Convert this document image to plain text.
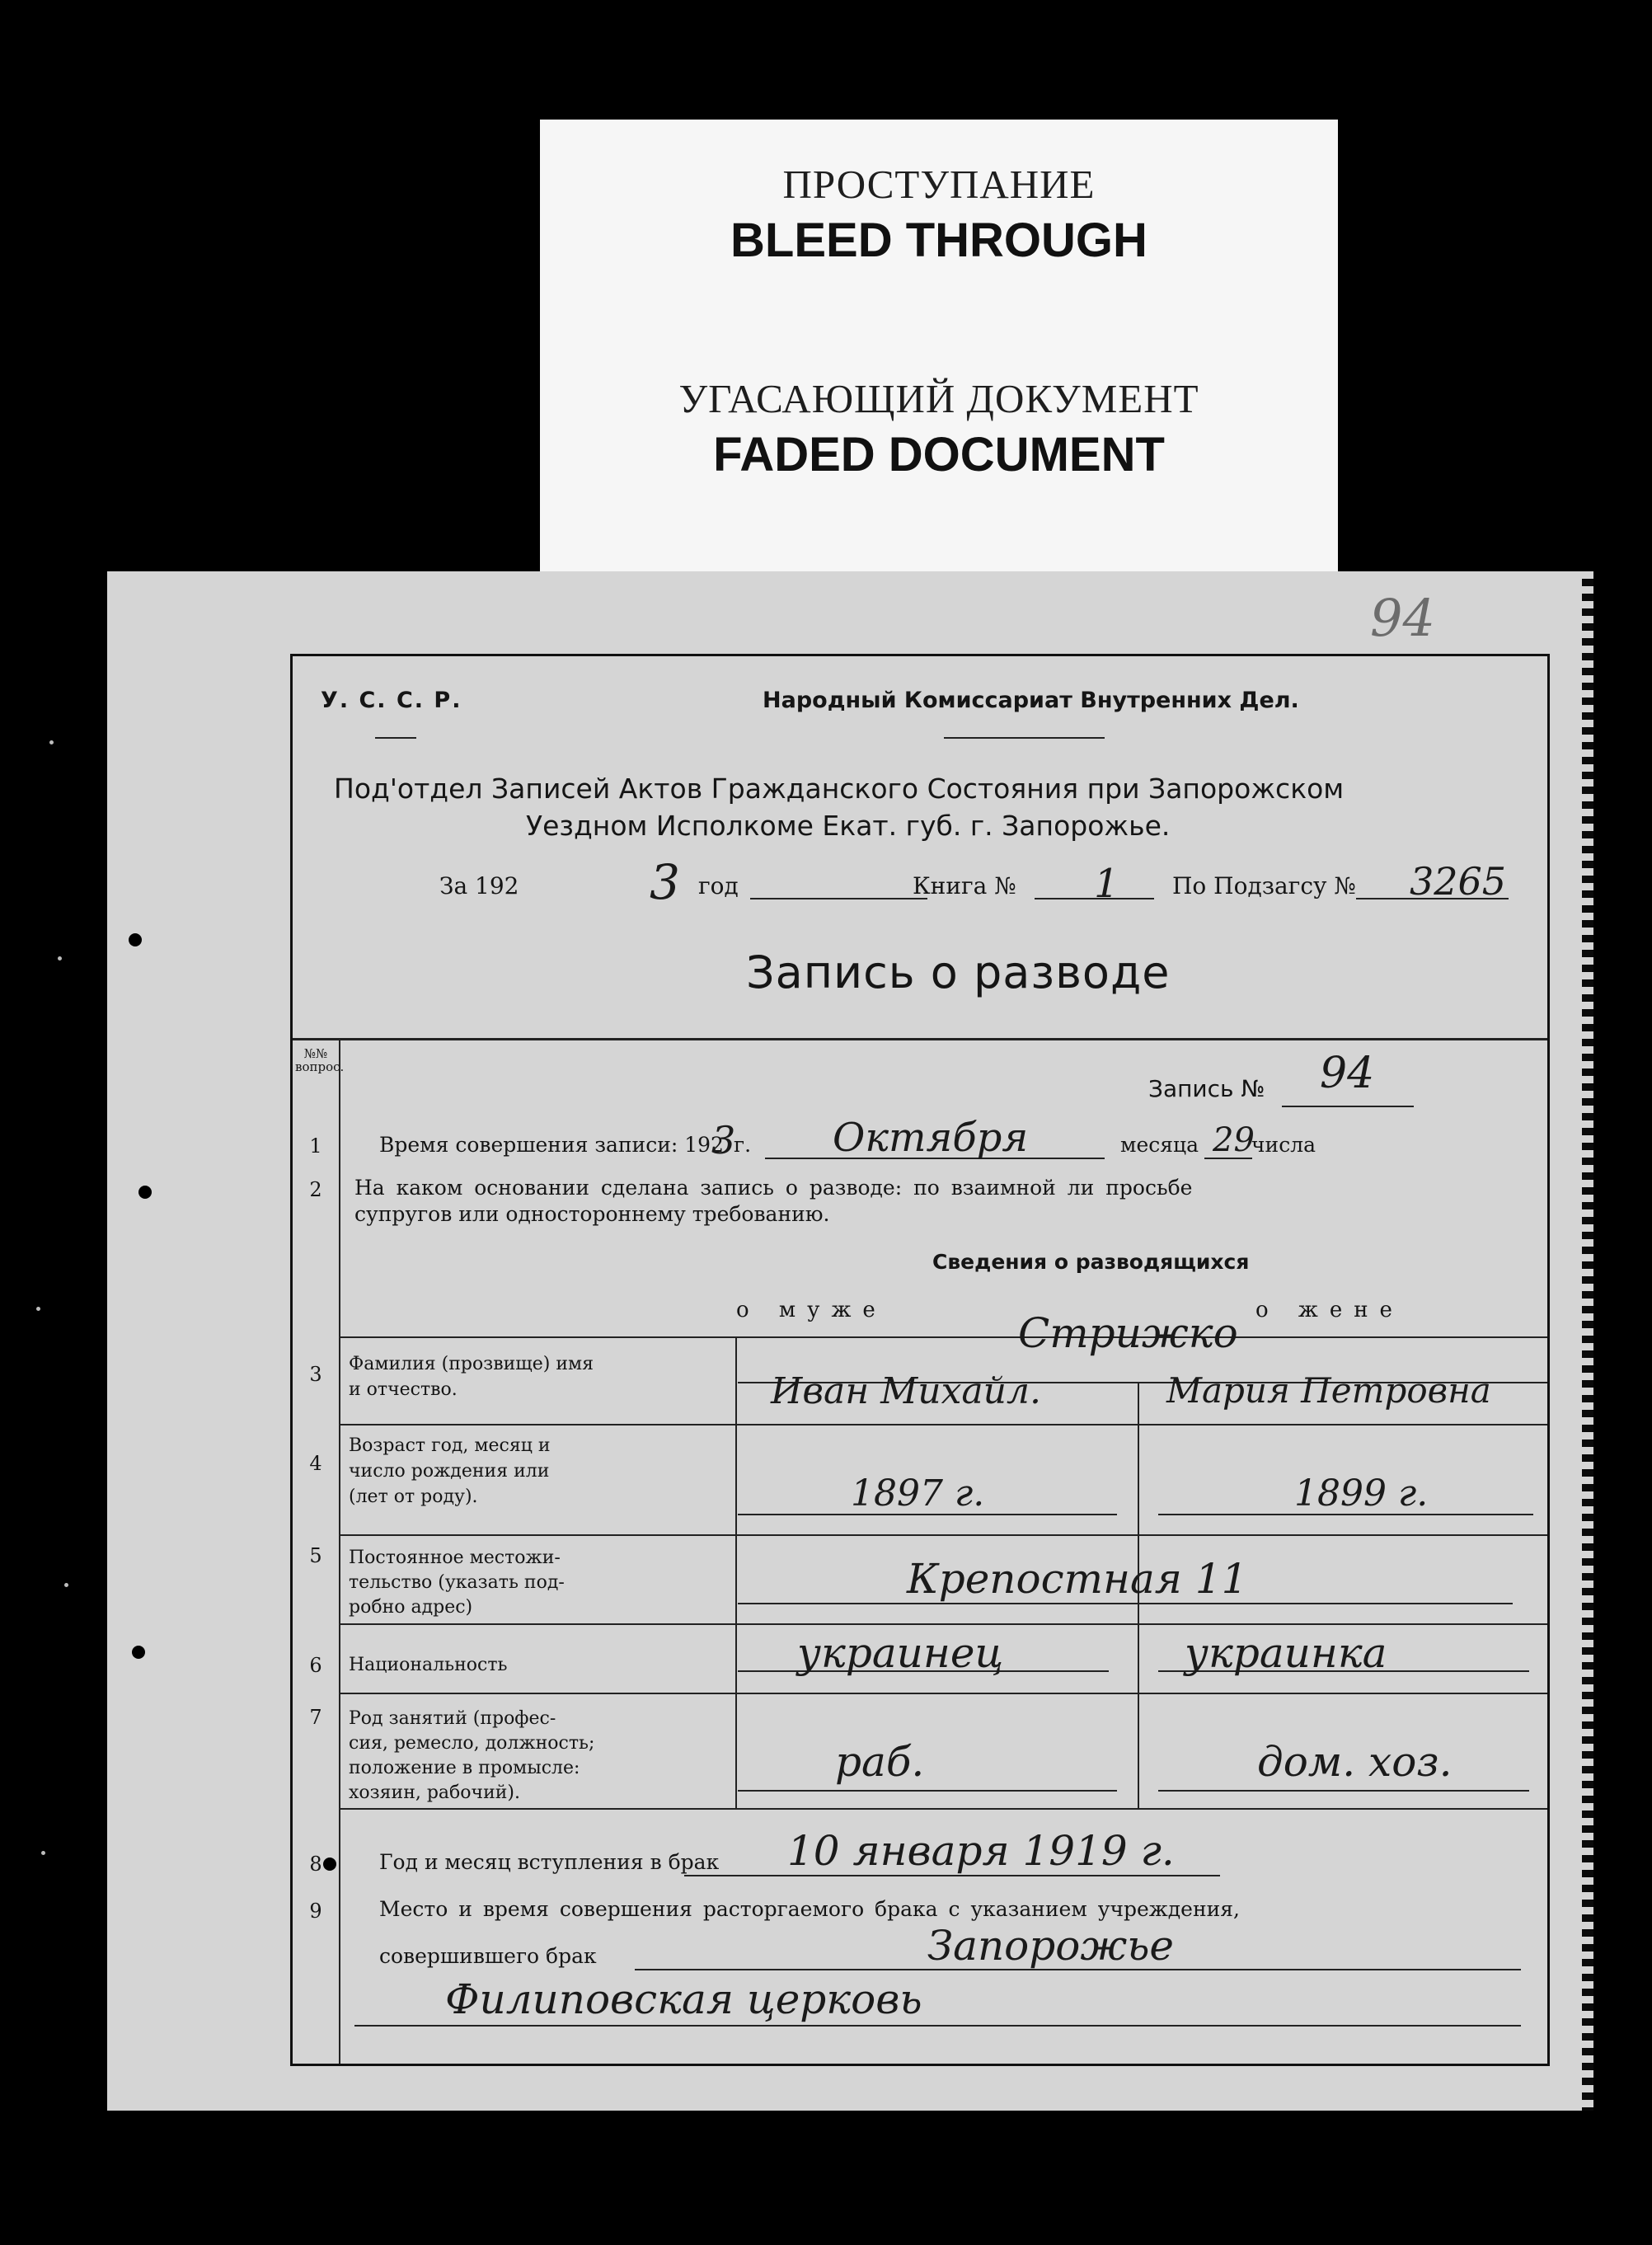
ПРОСТУПАНИЕ
BLEED THROUGH
УГАСАЮЩИЙ ДОКУМЕНТ
FADED DOCUMENT
94
У. С. С. Р.	Народный Комиссариат Внутренних Дел.
Под'отдел Записей Актов Гражданского Состояния при Запорожском
Уездном Исполкоме Екат. губ. г. Запорожье.
За 192	3 год	Книга № 1 По Подзагсу № 3265
Запись о разводе
№№ вопрос.
Запись № 94
1	Время совершения записи: 192
3
г. Октября	месяца 29
числа
2	На каком основании сделана запись о разводе: по взаимной ли просьбе
супругов или одностороннему требованию.
Сведения о разводящихся
о муже	о жене
3	Фамилия (прозвище) имя
и отчество.
Стрижко
Иван Михайл.	Мария Петровна
4
Возраст год, месяц и
число рождения или
(лет от роду).	1897 г.	1899 г.
5	Постоянное местожи-
тельство (указать под-
робно адрес)
Крепостная 11
6	Национальность	украинец	украинка
7	Род занятий (профес-
сия, ремесло, должность;
положение в промысле:
хозяин, рабочий).
раб.	дом. хоз.
8	Год и месяц вступления в брак 10 января 1919 г.
9	Место и время совершения расторгаемого брака с указанием учреждения,
совершившего брак	Запорожье
Филиповская церковь
